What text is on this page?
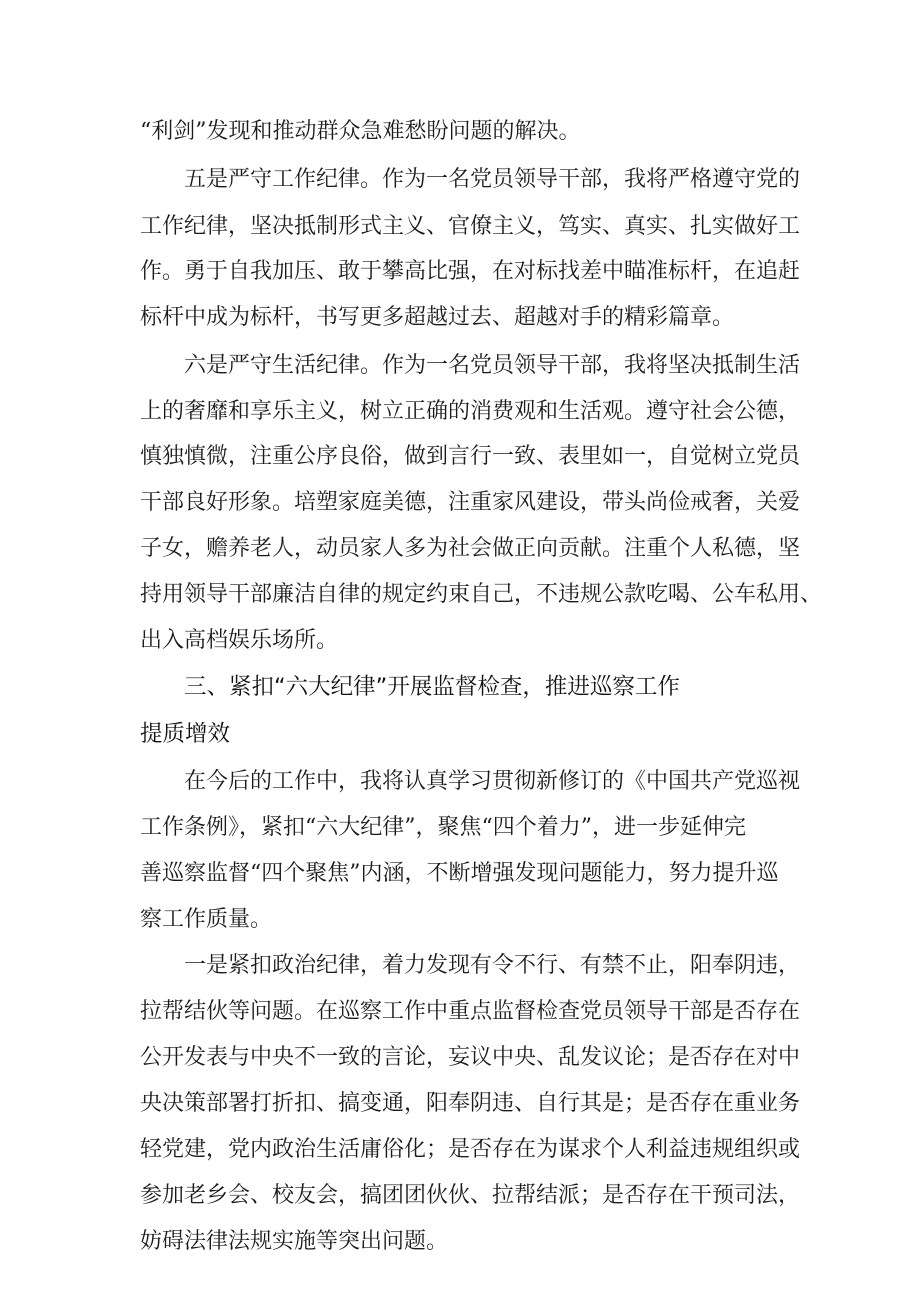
“利剑”发现和推动群众急难愁盼问题的解决。

五是严守工作纪律。作为一名党员领导干部，我将严格遵守党的

工作纪律，坚决抵制形式主义、官僚主义，笃实、真实、扎实做好工

作。勇于自我加压、敢于攀高比强，在对标找差中瞄准标杆，在追赶

标杆中成为标杆，书写更多超越过去、超越对手的精彩篇章。

六是严守生活纪律。作为一名党员领导干部，我将坚决抵制生活

上的奢靡和享乐主义，树立正确的消费观和生活观。遵守社会公德，

慎独慎微，注重公序良俗，做到言行一致、表里如一，自觉树立党员

干部良好形象。培塑家庭美德，注重家风建设，带头尚俭戒奢，关爱

子女，赡养老人，动员家人多为社会做正向贡献。注重个人私德，坚

持用领导干部廉洁自律的规定约束自己，不违规公款吃喝、公车私用、

出入高档娱乐场所。

三、紧扣“六大纪律”开展监督检查，推进巡察工作

提质增效

在今后的工作中，我将认真学习贯彻新修订的《中国共产党巡视

工作条例》，紧扣“六大纪律”，聚焦“四个着力”，进一步延伸完

善巡察监督“四个聚焦”内涵，不断增强发现问题能力，努力提升巡

察工作质量。

一是紧扣政治纪律，着力发现有令不行、有禁不止，阳奉阴违，

拉帮结伙等问题。在巡察工作中重点监督检查党员领导干部是否存在

公开发表与中央不一致的言论，妄议中央、乱发议论；是否存在对中

央决策部署打折扣、搞变通，阳奉阴违、自行其是；是否存在重业务

轻党建，党内政治生活庸俗化；是否存在为谋求个人利益违规组织或

参加老乡会、校友会，搞团团伙伙、拉帮结派；是否存在干预司法，

妨碍法律法规实施等突出问题。
